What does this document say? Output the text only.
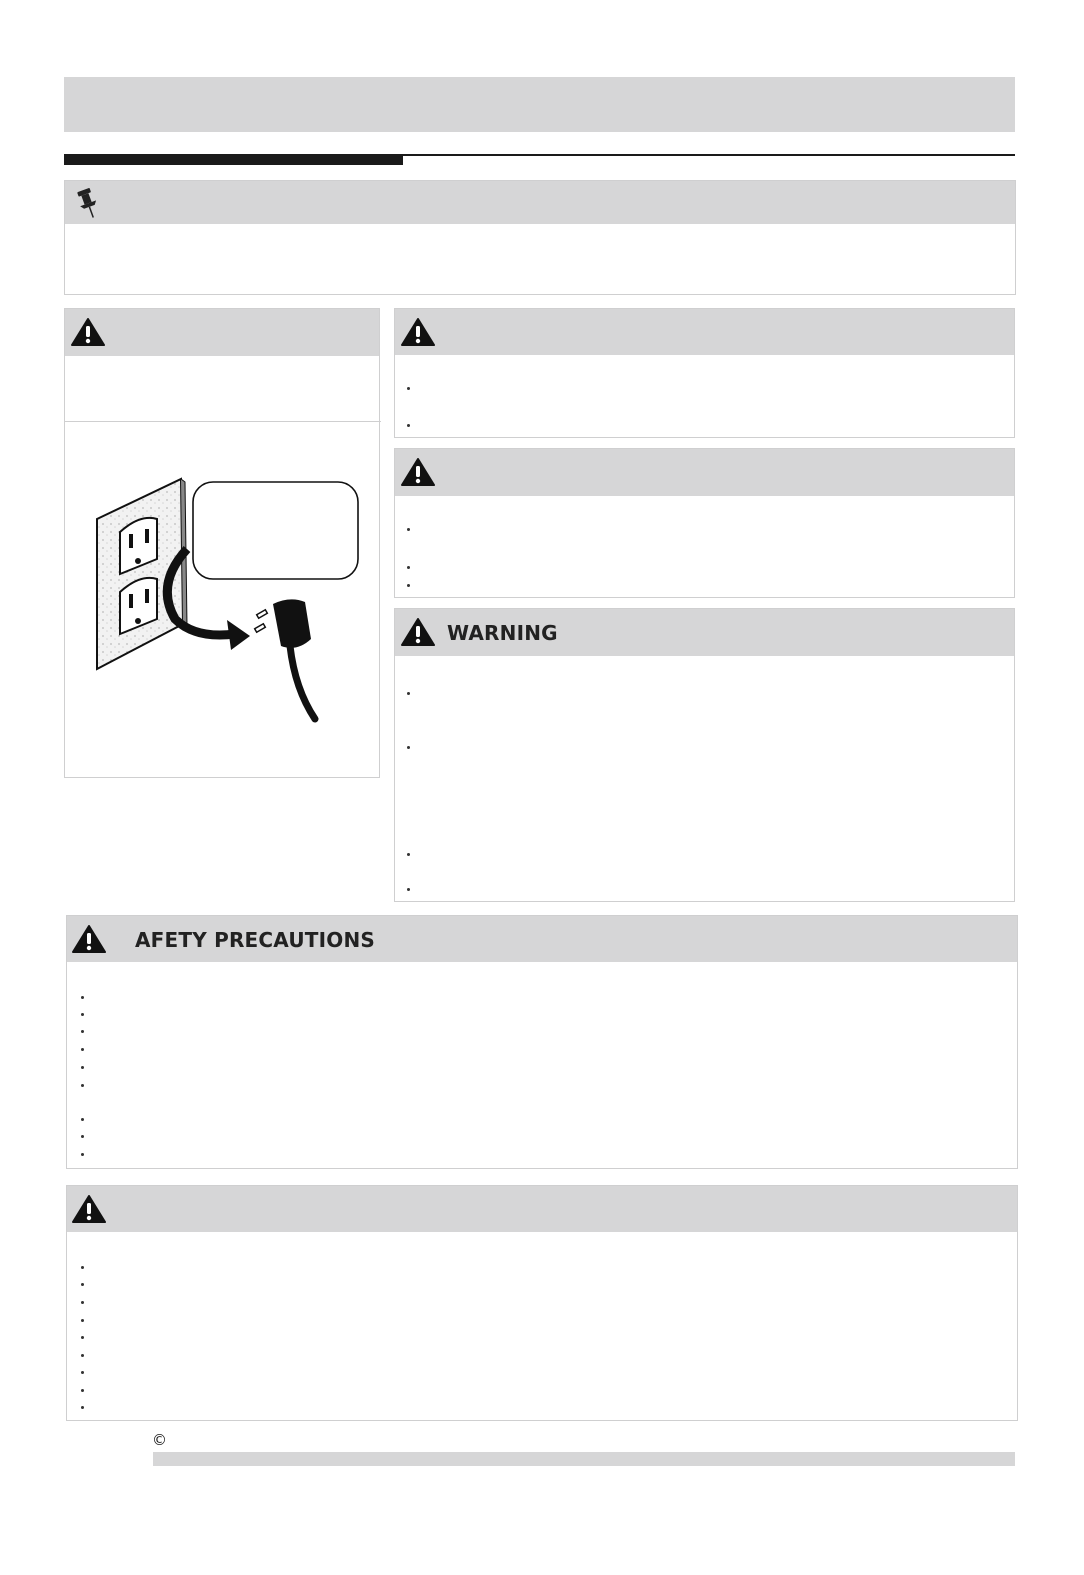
WARNING
AFETY PRECAUTIONS
©
